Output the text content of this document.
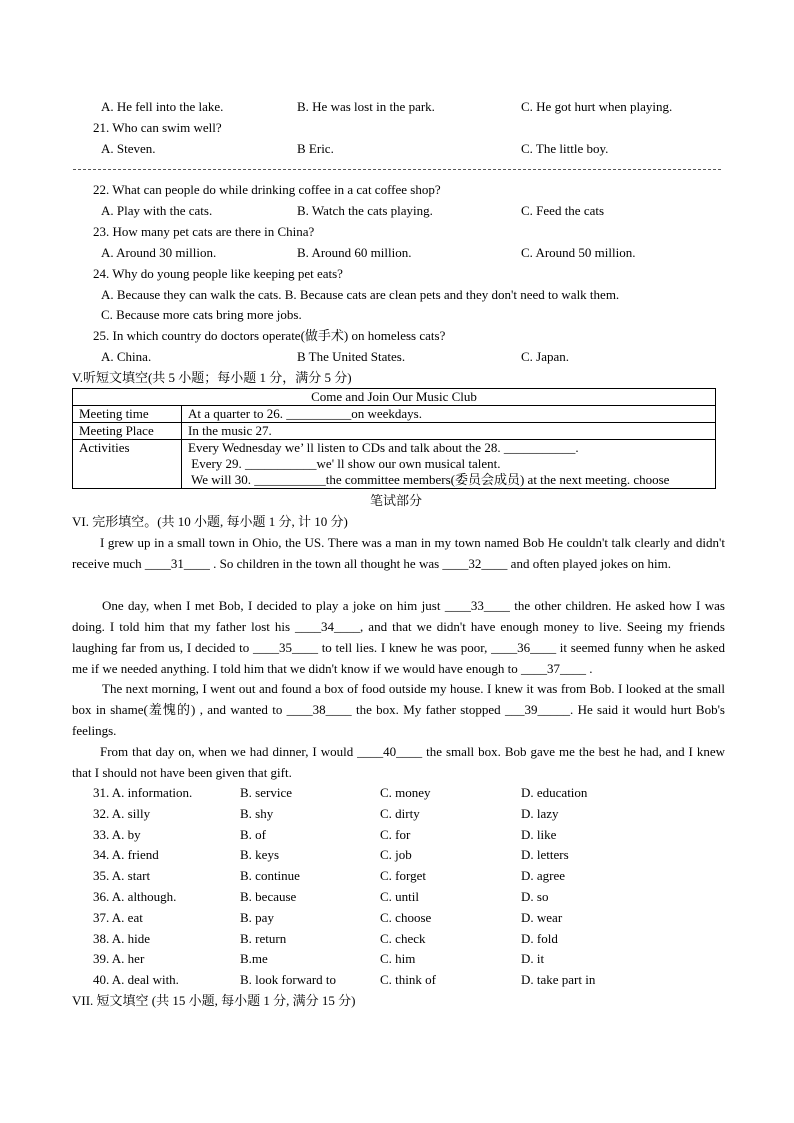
A. He fell into the lake.	B. He was lost in the park.	C. He got hurt when playing.
21. Who can swim well?
A. Steven.	B Eric.	C. The little boy.
22. What can people do while drinking coffee in a cat coffee shop?
A. Play with the cats.	B. Watch the cats playing.	C. Feed the cats
23. How many pet cats are there in China?
A. Around 30 million.	B. Around 60 million.	C. Around 50 million.
24. Why do young people like keeping pet eats?
A. Because they can walk the cats. B. Because cats are clean pets and they don't need to walk them.
C. Because more cats bring more jobs.
25. In which country do doctors operate(做手术) on homeless cats?
A. China.	B The United States.	C. Japan.
V.听短文填空(共 5 小题；每小题 1 分，满分 5 分)
Come and Join Our Music Club	
Meeting time	At a quarter to 26. __________on weekdays.
Meeting Place	In the music 27.
Activities	Every Wednesday we’ ll listen to CDs and talk about the 28. ___________.
Every 29. ___________we' ll show our own musical talent.
We will 30. ___________the committee members(委员会成员) at the next meeting. choose
笔试部分
VI. 完形填空。(共 10 小题, 每小题 1 分, 计 10 分)
I grew up in a small town in Ohio, the US. There was a man in my town named Bob He couldn't talk clearly and didn't receive much ____31____ . So children in the town all thought he was ____32____ and often played jokes on him.
One day, when I met Bob, I decided to play a joke on him just ____33____ the other children. He asked how I was doing. I told him that my father lost his ____34____, and that we didn't have enough money to live. Seeing my friends laughing far from us, I decided to ____35____ to tell lies. I knew he was poor, ____36____ it seemed funny when he asked me if we needed anything. I told him that we didn't know if we would have enough to ____37____ .
The next morning, I went out and found a box of food outside my house. I knew it was from Bob. I looked at the small box in shame(羞愧的) , and wanted to ____38____ the box. My father stopped ___39_____. He said it would hurt Bob's feelings.
From that day on, when we had dinner, I would ____40____ the small box. Bob gave me the best he had, and I knew that I should not have been given that gift.
31. A. information.	B. service	C. money	D. education
32. A. silly	B. shy	C. dirty	D. lazy
33. A. by	B. of	C. for	D. like
34. A. friend	B. keys	C. job	D. letters
35. A. start	B. continue	C. forget	D. agree
36. A. although.	B. because	C. until	D. so
37. A. eat	B. pay	C. choose	D. wear
38. A. hide	B. return	C. check	D. fold
39. A. her	B.me	C. him	D. it
40. A. deal with.	B. look forward to	C. think of	D. take part in
VII. 短文填空 (共 15 小题, 每小题 1 分, 满分 15 分)
